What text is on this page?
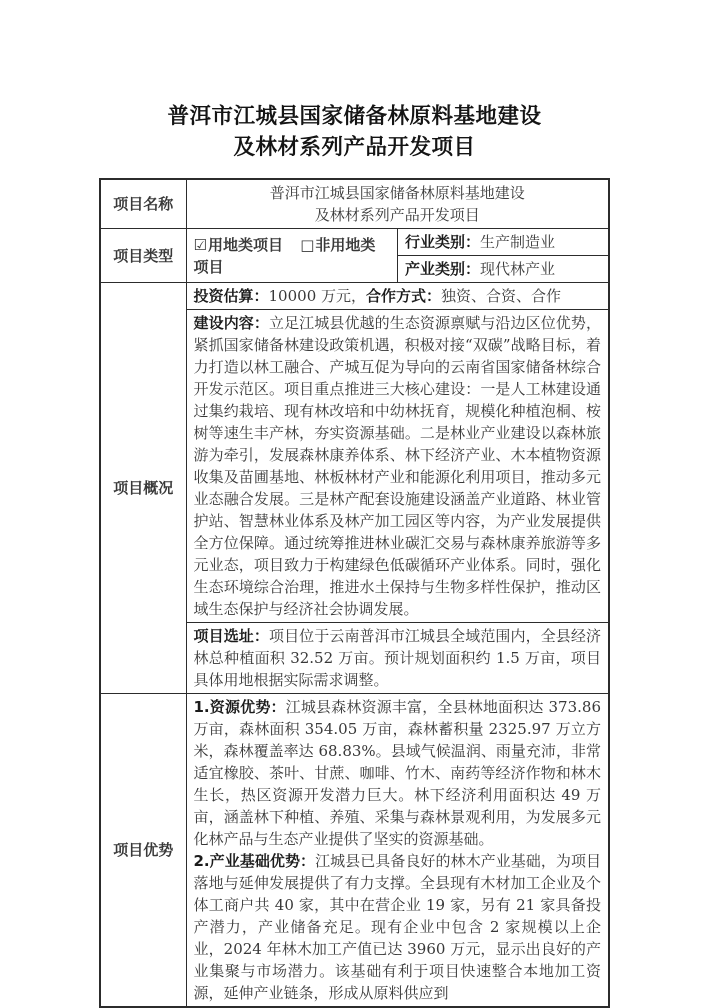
普洱市江城县国家储备林原料基地建设
及林材系列产品开发项目
项目名称	普洱市江城县国家储备林原料基地建设
及林材系列产品开发项目	

项目类型	☑用地类项目 □非用地类项目	行业类别：生产制造业
		产业类别：现代林产业
项目概况	投资估算：10000 万元，合作方式：独资、合资、合作	

	建设内容：立足江城县优越的生态资源禀赋与沿边区位优势，紧抓国家储备林建设政策机遇，积极对接“双碳”战略目标，着力打造以林工融合、产城互促为导向的云南省国家储备林综合开发示范区。项目重点推进三大核心建设：一是人工林建设通过集约栽培、现有林改培和中幼林抚育，规模化种植泡桐、桉树等速生丰产林，夯实资源基础。二是林业产业建设以森林旅游为牵引，发展森林康养体系、林下经济产业、木本植物资源收集及苗圃基地、林板林材产业和能源化利用项目，推动多元业态融合发展。三是林产配套设施建设涵盖产业道路、林业管护站、智慧林业体系及林产加工园区等内容，为产业发展提供全方位保障。通过统筹推进林业碳汇交易与森林康养旅游等多元业态，项目致力于构建绿色低碳循环产业体系。同时，强化生态环境综合治理，推进水土保持与生物多样性保护，推动区域生态保护与经济社会协调发展。	

	项目选址：项目位于云南普洱市江城县全域范围内，全县经济林总种植面积 32.52 万亩。预计规划面积约 1.5 万亩，项目具体用地根据实际需求调整。	

项目优势	1.资源优势：江城县森林资源丰富，全县林地面积达 373.86 万亩，森林面积 354.05 万亩，森林蓄积量 2325.97 万立方米，森林覆盖率达 68.83%。县域气候温润、雨量充沛，非常适宜橡胶、茶叶、甘蔗、咖啡、竹木、南药等经济作物和林木生长，热区资源开发潜力巨大。林下经济利用面积达 49 万亩，涵盖林下种植、养殖、采集与森林景观利用，为发展多元化林产品与生态产业提供了坚实的资源基础。

2.产业基础优势：江城县已具备良好的林木产业基础，为项目落地与延伸发展提供了有力支撑。全县现有木材加工企业及个体工商户共 40 家，其中在营企业 19 家，另有 21 家具备投产潜力，产业储备充足。现有企业中包含 2 家规模以上企业，2024 年林木加工产值已达 3960 万元，显示出良好的产业集聚与市场潜力。该基础有利于项目快速整合本地加工资源，延伸产业链条，形成从原料供应到	
